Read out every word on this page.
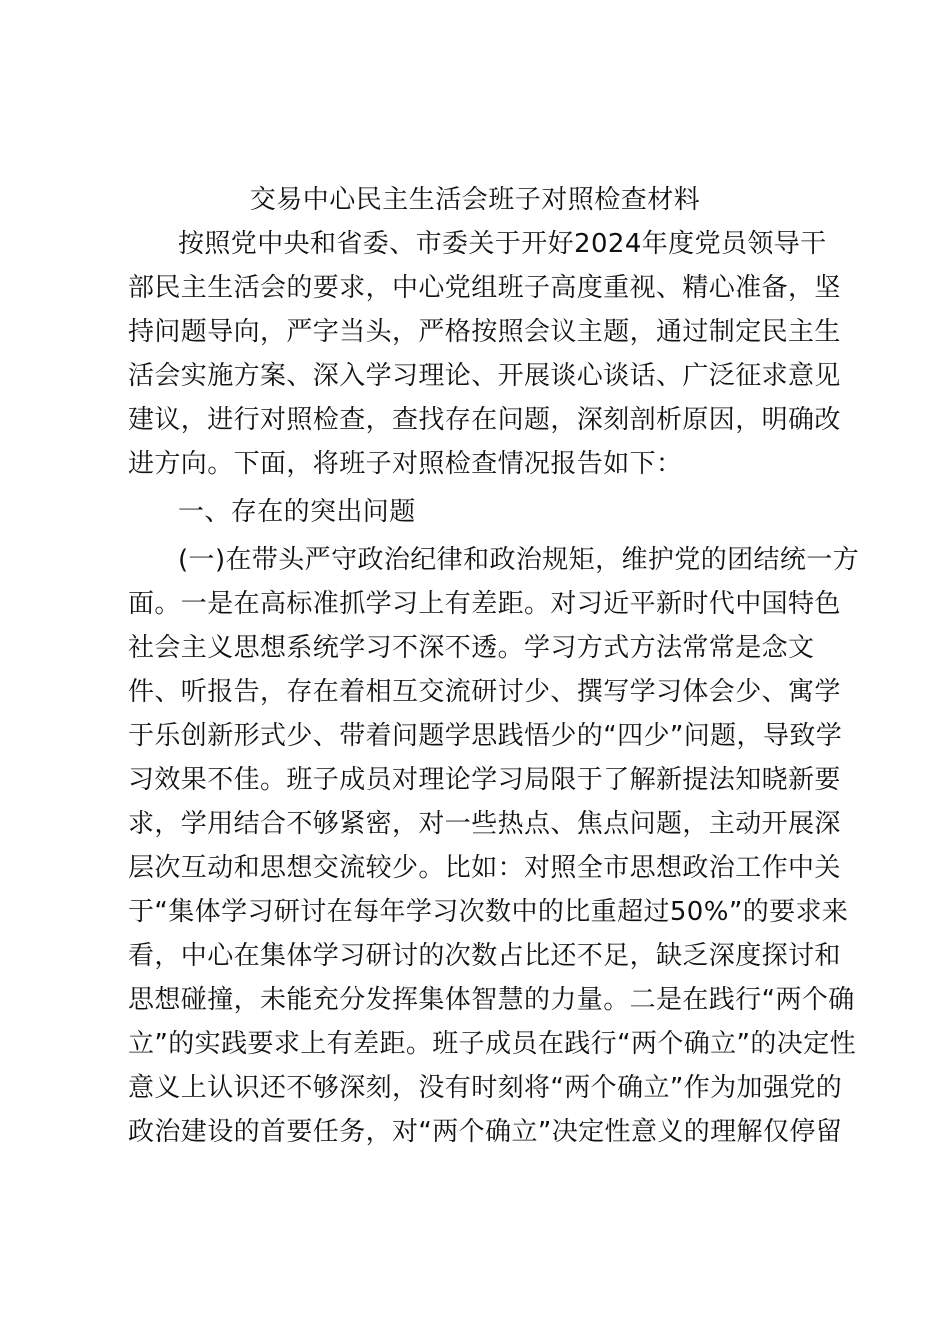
交易中心民主生活会班子对照检查材料
按照党中央和省委、市委关于开好2024年度党员领导干
部民主生活会的要求，中心党组班子高度重视、精心准备，坚
持问题导向，严字当头，严格按照会议主题，通过制定民主生
活会实施方案、深入学习理论、开展谈心谈话、广泛征求意见
建议，进行对照检查，查找存在问题，深刻剖析原因，明确改
进方向。下面，将班子对照检查情况报告如下：
一、存在的突出问题
(一)在带头严守政治纪律和政治规矩，维护党的团结统一方
面。一是在高标准抓学习上有差距。对习近平新时代中国特色
社会主义思想系统学习不深不透。学习方式方法常常是念文
件、听报告，存在着相互交流研讨少、撰写学习体会少、寓学
于乐创新形式少、带着问题学思践悟少的“四少”问题，导致学
习效果不佳。班子成员对理论学习局限于了解新提法知晓新要
求，学用结合不够紧密，对一些热点、焦点问题，主动开展深
层次互动和思想交流较少。比如：对照全市思想政治工作中关
于“集体学习研讨在每年学习次数中的比重超过50%”的要求来
看，中心在集体学习研讨的次数占比还不足，缺乏深度探讨和
思想碰撞，未能充分发挥集体智慧的力量。二是在践行“两个确
立”的实践要求上有差距。班子成员在践行“两个确立”的决定性
意义上认识还不够深刻，没有时刻将“两个确立”作为加强党的
政治建设的首要任务，对“两个确立”决定性意义的理解仅停留
